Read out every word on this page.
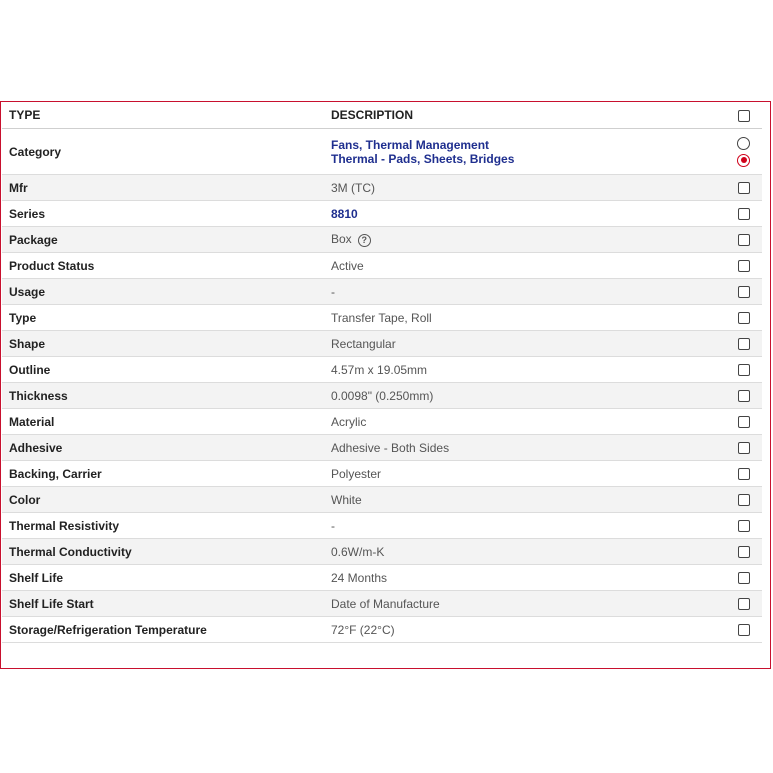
TYPE	DESCRIPTION	
Category	Fans, Thermal Management
Thermal - Pads, Sheets, Bridges	

Mfr	3M (TC)	
Series	8810	
Package	Box ?	
Product Status	Active	
Usage	-	
Type	Transfer Tape, Roll	
Shape	Rectangular	
Outline	4.57m x 19.05mm	
Thickness	0.0098" (0.250mm)	
Material	Acrylic	
Adhesive	Adhesive - Both Sides	
Backing, Carrier	Polyester	
Color	White	
Thermal Resistivity	-	
Thermal Conductivity	0.6W/m-K	
Shelf Life	24 Months	
Shelf Life Start	Date of Manufacture	
Storage/Refrigeration Temperature	72°F (22°C)	
